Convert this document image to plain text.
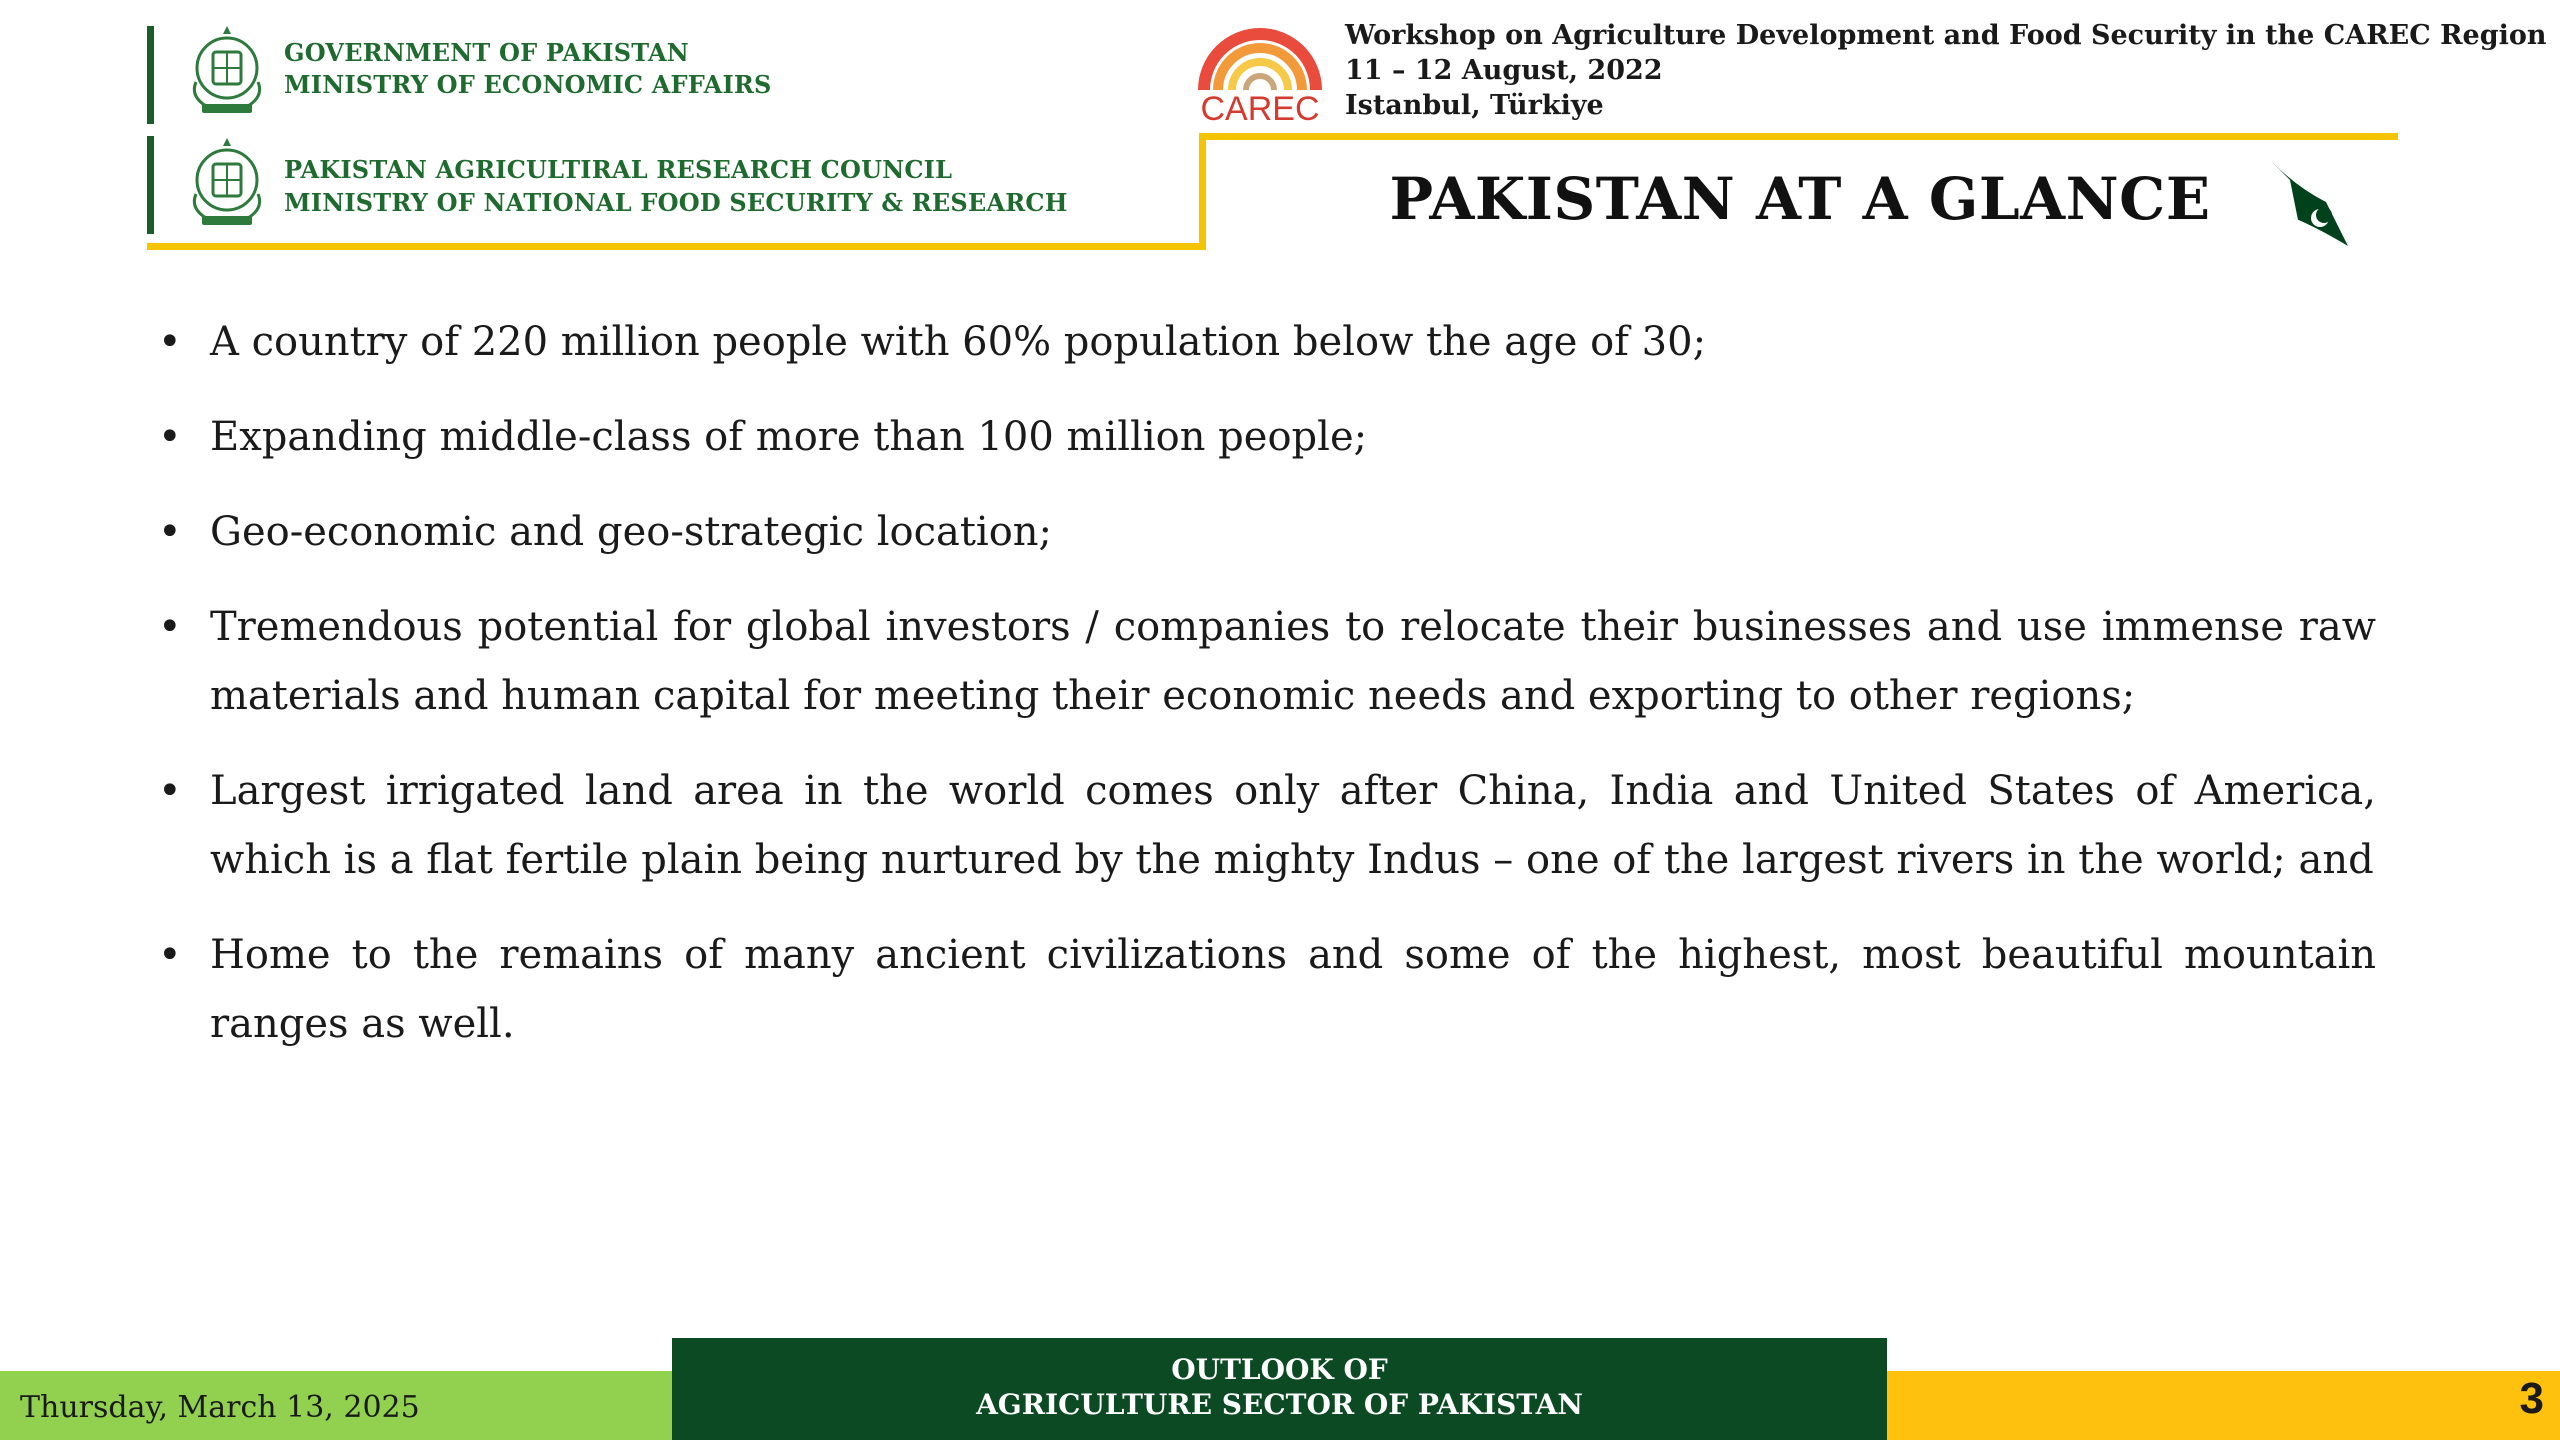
GOVERNMENT OF PAKISTAN
MINISTRY OF ECONOMIC AFFAIRS
PAKISTAN AGRICULTIRAL RESEARCH COUNCIL
MINISTRY OF NATIONAL FOOD SECURITY & RESEARCH
CAREC
Workshop on Agriculture Development and Food Security in the CAREC Region
11 – 12 August, 2022
Istanbul, Türkiye
PAKISTAN AT A GLANCE
• A country of 220 million people with 60% population below the age of 30;
• Expanding middle-class of more than 100 million people;
• Geo-economic and geo-strategic location;
• Tremendous potential for global investors / companies to relocate their businesses and use immense raw materials and human capital for meeting their economic needs and exporting to other regions;
• Largest irrigated land area in the world comes only after China, India and United States of America, which is a flat fertile plain being nurtured by the mighty Indus – one of the largest rivers in the world; and
• Home to the remains of many ancient civilizations and some of the highest, most beautiful mountain ranges as well.
Thursday, March 13, 2025
OUTLOOK OF
AGRICULTURE SECTOR OF PAKISTAN	3
